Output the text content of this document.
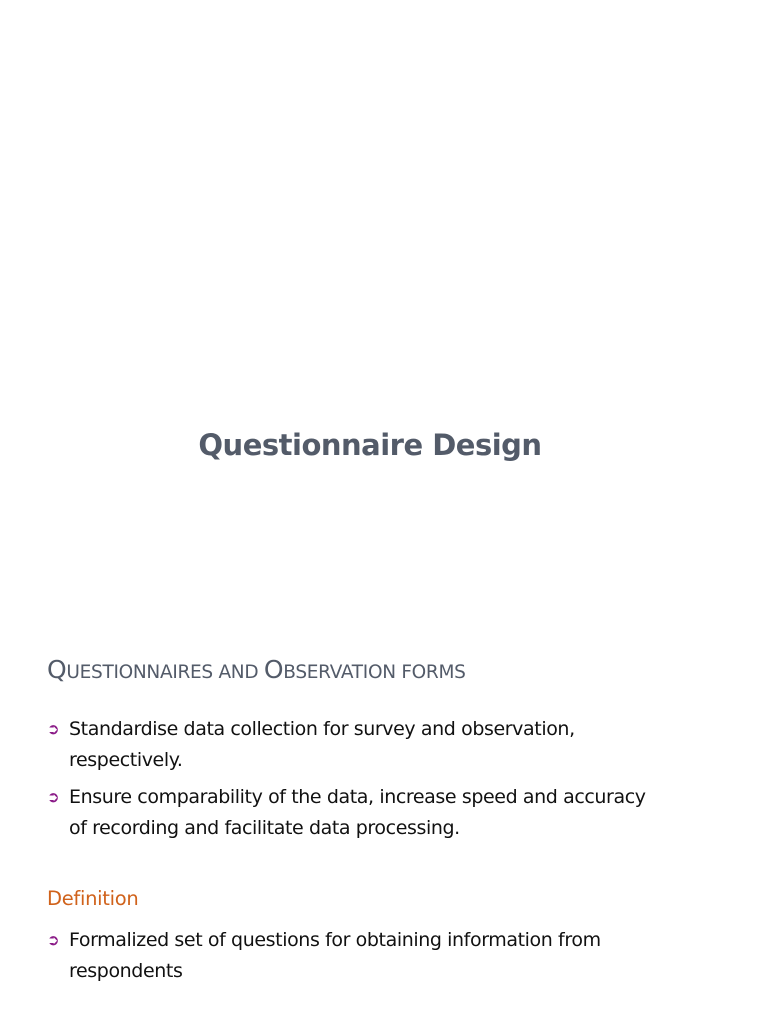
Questionnaire Design
QUESTIONNAIRES AND OBSERVATION FORMS
➲ Standardise data collection for survey and observation, respectively.
➲ Ensure comparability of the data, increase speed and accuracy of recording and facilitate data processing.
Definition
➲ Formalized set of questions for obtaining information from respondents
